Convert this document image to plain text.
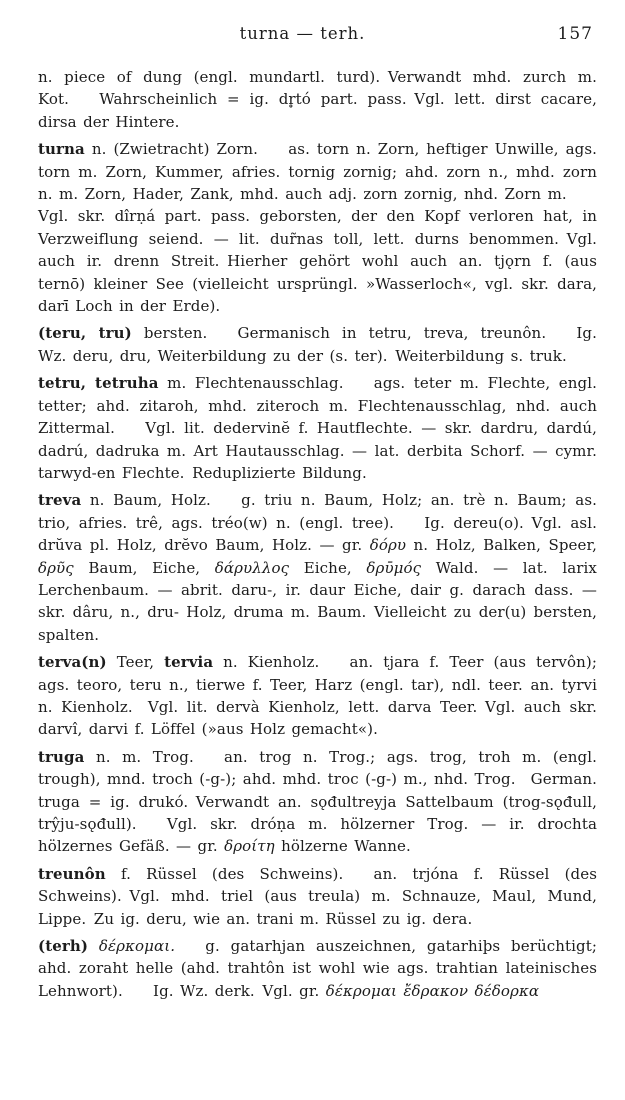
turna — terh.	157

n. piece of dung (engl. mundartl. turd). Verwandt mhd. zurch m. Kot.  Wahrscheinlich = ig. dr̥tó part. pass. Vgl. lett. dirst cacare, dirsa der Hintere.

turna n. (Zwietracht) Zorn.  as. torn n. Zorn, heftiger Unwille, ags. torn m. Zorn, Kummer, afries. tornig zornig; ahd. zorn n., mhd. zorn n. m. Zorn, Hader, Zank, mhd. auch adj. zorn zornig, nhd. Zorn m.  Vgl. skr. dîrṇá part. pass. geborsten, der den Kopf verloren hat, in Verzweiflung seiend. — lit. dur̃nas toll, lett. durns benommen. Vgl. auch ir. drenn Streit. Hierher gehört wohl auch an. tjǫrn f. (aus ternō) kleiner See (vielleicht ursprüngl. »Wasserloch«, vgl. skr. dara, darī Loch in der Erde).

(teru, tru) bersten.  Germanisch in tetru, treva, treunôn.  Ig. Wz. deru, dru, Weiterbildung zu der (s. ter). Weiterbildung s. truk.

tetru, tetruha m. Flechtenausschlag.  ags. teter m. Flechte, engl. tetter; ahd. zitaroh, mhd. ziteroch m. Flechtenausschlag, nhd. auch Zittermal.  Vgl. lit. dedervinĕ f. Hautflechte. — skr. dardru, dardú, dadrú, dadruka m. Art Hautausschlag. — lat. derbita Schorf. — cymr. tarwyd-en Flechte. Reduplizierte Bildung.

treva n. Baum, Holz.  g. triu n. Baum, Holz; an. trè n. Baum; as. trio, afries. trê, ags. tréo(w) n. (engl. tree).  Ig. dereu(o). Vgl. asl. drŭva pl. Holz, drĕvo Baum, Holz. — gr. δόρυ n. Holz, Balken, Speer, δρῦς Baum, Eiche, δάρυλλος Eiche, δρῡμός Wald. — lat. larix Lerchenbaum. — abrit. daru-, ir. daur Eiche, dair g. darach dass. — skr. dâru, n., dru- Holz, druma m. Baum. Vielleicht zu der(u) bersten, spalten.

terva(n) Teer, tervia n. Kienholz.  an. tjara f. Teer (aus tervôn); ags. teoro, teru n., tierwe f. Teer, Harz (engl. tar), ndl. teer. an. tyrvi n. Kienholz. Vgl. lit. dervà Kienholz, lett. darva Teer. Vgl. auch skr. darvî, darvi f. Löffel (»aus Holz gemacht«).

truga n. m. Trog.  an. trog n. Trog.; ags. trog, troh m. (engl. trough), mnd. troch (-g-); ahd. mhd. troc (-g-) m., nhd. Trog. German. truga = ig. drukó. Verwandt an. sǫđultreyja Sattelbaum (trog-sǫđull, trŷju-sǫđull).  Vgl. skr. dróṇa m. hölzerner Trog. — ir. drochta hölzernes Gefäß. — gr. δροίτη hölzerne Wanne.

treunôn f. Rüssel (des Schweins).  an. trjóna f. Rüssel (des Schweins). Vgl. mhd. triel (aus treula) m. Schnauze, Maul, Mund, Lippe. Zu ig. deru, wie an. trani m. Rüssel zu ig. dera.

(terh) δέρκομαι.  g. gatarhjan auszeichnen, gatarhiþs berüchtigt; ahd. zoraht helle (ahd. trahtôn ist wohl wie ags. trahtian lateinisches Lehnwort).  Ig. Wz. derk. Vgl. gr. δέκρομαι ἔδρακον δέδορκα
